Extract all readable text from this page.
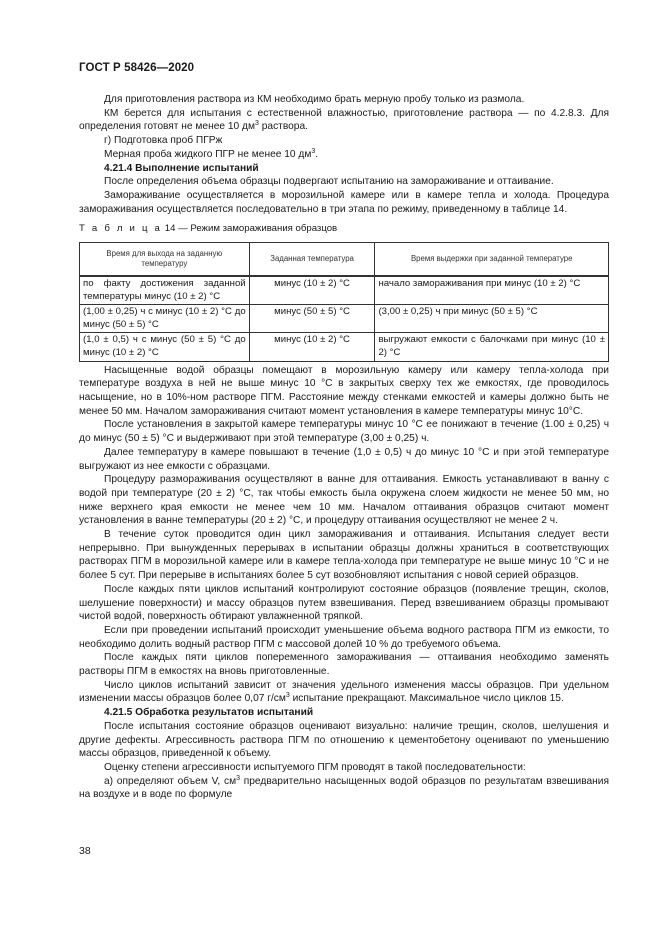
ГОСТ Р 58426—2020

Для приготовления раствора из КМ необходимо брать мерную пробу только из размола.

КМ берется для испытания с естественной влажностью, приготовление раствора — по 4.2.8.3. Для определения готовят не менее 10 $дм^3$ раствора.

г) Подготовка проб ПГРж

Мерная проба жидкого ПГР не менее 10 $дм^3$.

4.21.4 Выполнение испытаний

После определения объема образцы подвергают испытанию на замораживание и оттаивание.

Замораживание осуществляется в морозильной камере или в камере тепла и холода. Процедура замораживания осуществляется последовательно в три этапа по режиму, приведенному в таблице 14.

Т а б л и ц а 14 — Режим замораживания образцов
Время для выхода на заданную температуру	Заданная температура	Время выдержки при заданной температуре
по факту достижения заданной температуры минус (10 ± 2) °С	минус (10 ± 2) °С	начало замораживания при минус (10 ± 2) °С
(1,00 ± 0,25) ч с минус (10 ± 2) °С до минус (50 ± 5) °С	минус (50 ± 5) °С	(3,00 ± 0,25) ч при минус (50 ± 5) °С
(1,0 ± 0,5) ч с минус (50 ± 5) °С до минус (10 ± 2) °С	минус (10 ± 2) °С	выгружают емкости с балочками при минус (10 ± 2) °С

Насыщенные водой образцы помещают в морозильную камеру или камеру тепла-холода при температуре воздуха в ней не выше минус 10 °С в закрытых сверху тех же емкостях, где проводилось насыщение, но в 10%-ном растворе ПГМ. Расстояние между стенками емкостей и камеры должно быть не менее 50 мм. Началом замораживания считают момент установления в камере температуры минус 10°С.

После установления в закрытой камере температуры минус 10 °С ее понижают в течение (1.00 ± 0,25) ч до минус (50 ± 5) °С и выдерживают при этой температуре (3,00 ± 0,25) ч.

Далее температуру в камере повышают в течение (1,0 ± 0,5) ч до минус 10 °С и при этой температуре выгружают из нее емкости с образцами.

Процедуру размораживания осуществляют в ванне для оттаивания. Емкость устанавливают в ванну с водой при температуре (20 ± 2) °С, так чтобы емкость была окружена слоем жидкости не менее 50 мм, но ниже верхнего края емкости не менее чем 10 мм. Началом оттаивания образцов считают момент установления в ванне температуры (20 ± 2) °С, и процедуру оттаивания осуществляют не менее 2 ч.

В течение суток проводится один цикл замораживания и оттаивания. Испытания следует вести непрерывно. При вынужденных перерывах в испытании образцы должны храниться в соответствующих растворах ПГМ в морозильной камере или в камере тепла-холода при температуре не выше минус 10 °С и не более 5 сут. При перерыве в испытаниях более 5 сут возобновляют испытания с новой серией образцов.

После каждых пяти циклов испытаний контролируют состояние образцов (появление трещин, сколов, шелушение поверхности) и массу образцов путем взвешивания. Перед взвешиванием образцы промывают чистой водой, поверхность обтирают увлажненной тряпкой.

Если при проведении испытаний происходит уменьшение объема водного раствора ПГМ из емкости, то необходимо долить водный раствор ПГМ с массовой долей 10 % до требуемого объема.

После каждых пяти циклов попеременного замораживания — оттаивания необходимо заменять растворы ПГМ в емкостях на вновь приготовленные.

Число циклов испытаний зависит от значения удельного изменения массы образцов. При удельном изменении массы образцов более 0,07 $г/см^3$ испытание прекращают. Максимальное число циклов 15.

4.21.5 Обработка результатов испытаний

После испытания состояние образцов оценивают визуально: наличие трещин, сколов, шелушения и другие дефекты. Агрессивность раствора ПГМ по отношению к цементобетону оценивают по уменьшению массы образцов, приведенной к объему.

Оценку степени агрессивности испытуемого ПГМ проводят в такой последовательности:

а) определяют объем V, $см^3$ предварительно насыщенных водой образцов по результатам взвешивания на воздухе и в воде по формуле

38
